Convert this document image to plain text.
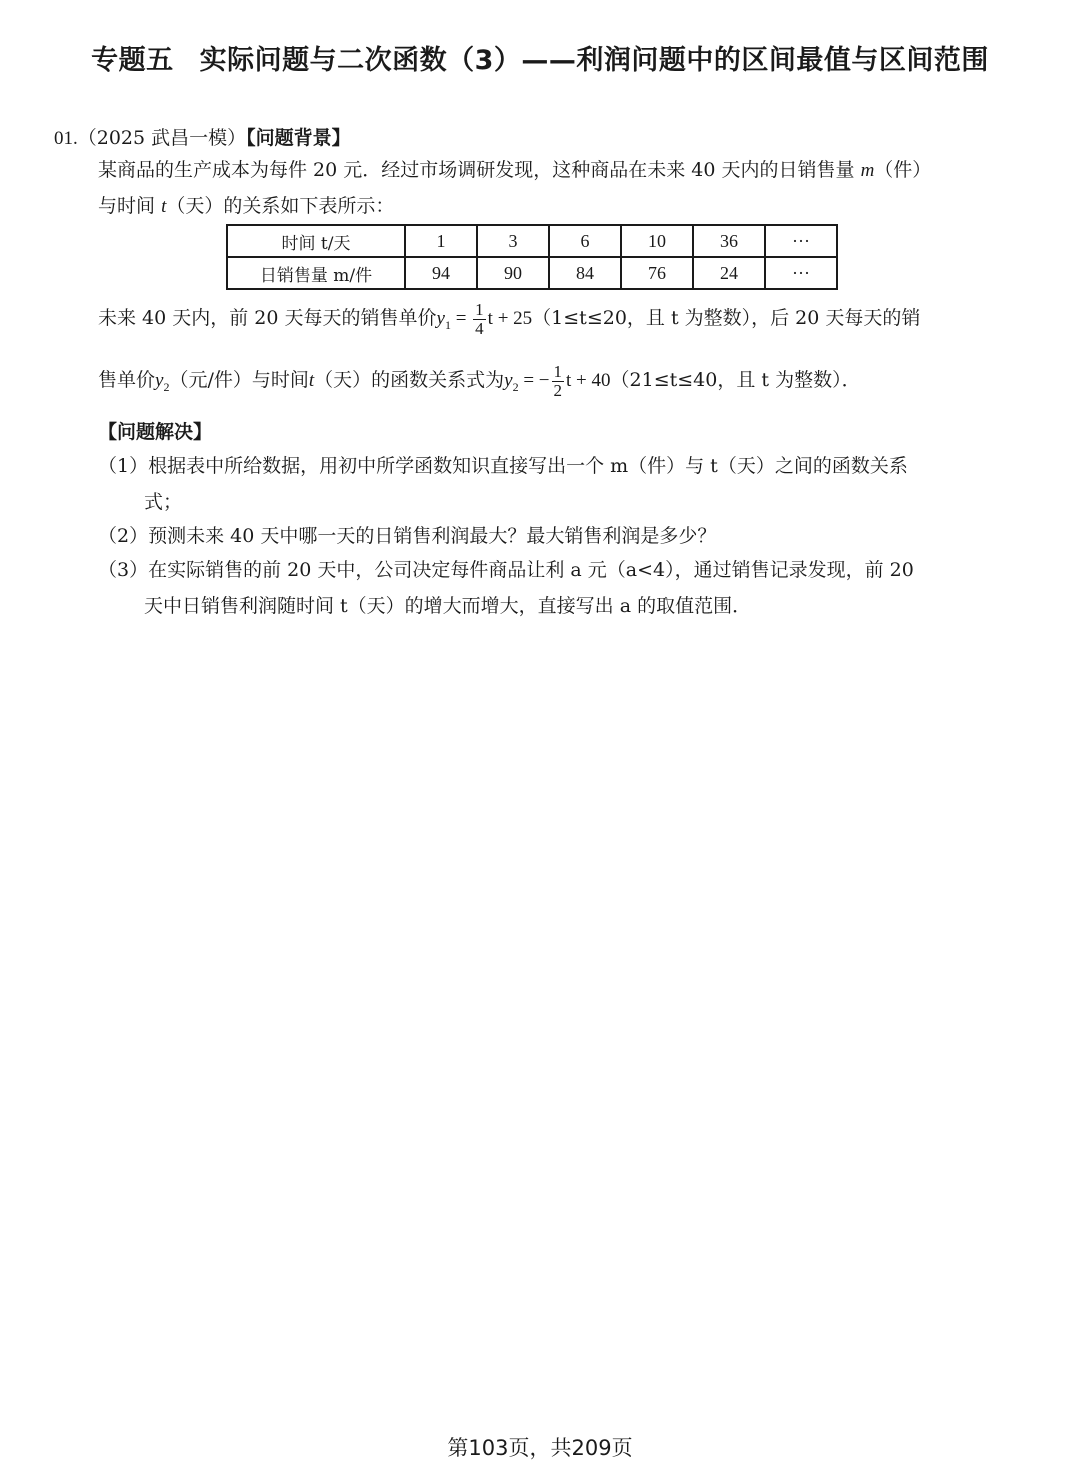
专题五 实际问题与二次函数（3）——利润问题中的区间最值与区间范围
01.（2025 武昌一模）【问题背景】
某商品的生产成本为每件 20 元．经过市场调研发现，这种商品在未来 40 天内的日销售量 m（件）
与时间 t（天）的关系如下表所示：
时间 t/天	1	3	6	10	36	···
日销售量 m/件	94	90	84	76	24	···
未来 40 天内，前 20 天每天的销售单价$y_1 = \frac{1}{4}$ t + 25（1≤t≤20，且 t 为整数），后 20 天每天的销
售单价$y_2$（元/件）与时间t（天）的函数关系式为$y_2$ = − $\frac{1}{2}$ t + 40（21≤t≤40，且 t 为整数）．
【问题解决】
（1）根据表中所给数据，用初中所学函数知识直接写出一个 m（件）与 t（天）之间的函数关系
式；
（2）预测未来 40 天中哪一天的日销售利润最大？最大销售利润是多少？
（3）在实际销售的前 20 天中，公司决定每件商品让利 a 元（a<4），通过销售记录发现，前 20
天中日销售利润随时间 t（天）的增大而增大，直接写出 a 的取值范围．
第103页，共209页
